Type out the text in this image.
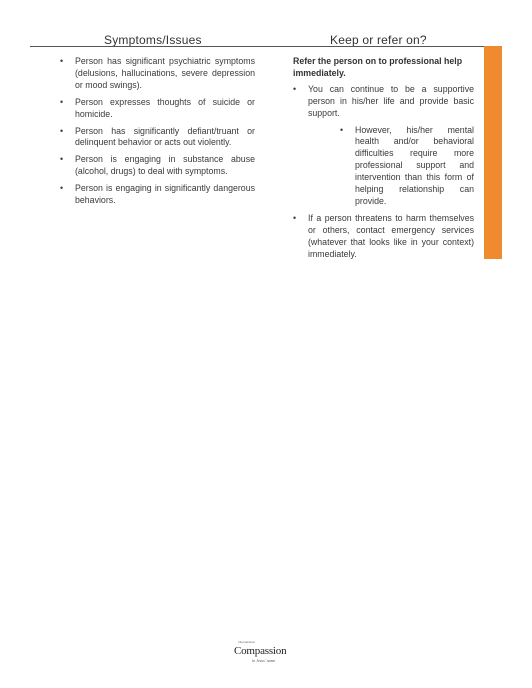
Symptoms/Issues	Keep or refer on?
• Person has significant psychiatric symptoms (delusions, hallucinations, severe depression or mood swings).
• Person expresses thoughts of suicide or homicide.
• Person has significantly defiant/truant or delinquent behavior or acts out violently.
• Person is engaging in substance abuse (alcohol, drugs) to deal with symptoms.
• Person is engaging in significantly dangerous behaviors.
Refer the person on to professional help immediately.
• You can continue to be a supportive person in his/her life and provide basic support.
• However, his/her mental health and/or behavioral difficulties require more professional support and intervention than this form of helping relationship can provide.
• If a person threatens to harm themselves or others, contact emergency services (whatever that looks like in your context) immediately.
International
Compassion
in Jesus' name
